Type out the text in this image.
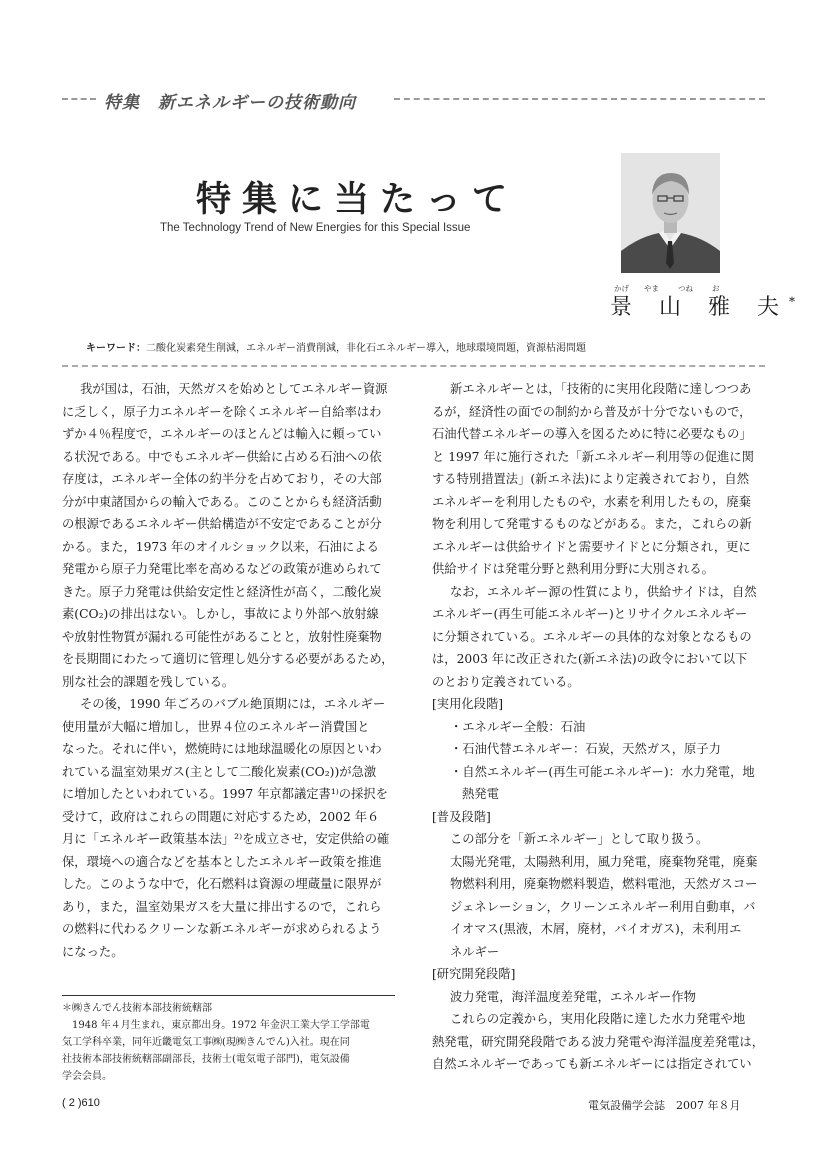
特集　新エネルギーの技術動向
特集に当たって
The Technology Trend of New Energies for this Special Issue
かげ やま	つね	お
景 山 雅 夫*
キーワード：二酸化炭素発生削減，エネルギー消費削減，非化石エネルギー導入，地球環境問題，資源枯渇問題

我が国は，石油，天然ガスを始めとしてエネルギー資源

に乏しく，原子力エネルギーを除くエネルギー自給率はわ

ずか４％程度で，エネルギーのほとんどは輸入に頼ってい

る状況である。中でもエネルギー供給に占める石油への依

存度は，エネルギー全体の約半分を占めており，その大部

分が中東諸国からの輸入である。このことからも経済活動

の根源であるエネルギー供給構造が不安定であることが分

かる。また，1973 年のオイルショック以来，石油による

発電から原子力発電比率を高めるなどの政策が進められて

きた。原子力発電は供給安定性と経済性が高く，二酸化炭

素(CO₂)の排出はない。しかし，事故により外部へ放射線

や放射性物質が漏れる可能性があることと，放射性廃棄物

を長期間にわたって適切に管理し処分する必要があるため，

別な社会的課題を残している。

その後，1990 年ごろのバブル絶頂期には，エネルギー

使用量が大幅に増加し，世界４位のエネルギー消費国と

なった。それに伴い，燃焼時には地球温暖化の原因といわ

れている温室効果ガス(主として二酸化炭素(CO₂))が急激

に増加したといわれている。1997 年京都議定書¹⁾の採択を

受けて，政府はこれらの問題に対応するため，2002 年６

月に「エネルギー政策基本法」²⁾を成立させ，安定供給の確

保，環境への適合などを基本としたエネルギー政策を推進

した。このような中で，化石燃料は資源の埋蔵量に限界が

あり，また，温室効果ガスを大量に排出するので，これら

の燃料に代わるクリーンな新エネルギーが求められるよう

になった。

新エネルギーとは，「技術的に実用化段階に達しつつあ

るが，経済性の面での制約から普及が十分でないもので，

石油代替エネルギーの導入を図るために特に必要なもの」

と 1997 年に施行された「新エネルギー利用等の促進に関

する特別措置法」(新エネ法)により定義されており，自然

エネルギーを利用したものや，水素を利用したもの，廃棄

物を利用して発電するものなどがある。また，これらの新

エネルギーは供給サイドと需要サイドとに分類され，更に

供給サイドは発電分野と熱利用分野に大別される。

なお，エネルギー源の性質により，供給サイドは，自然

エネルギー(再生可能エネルギー)とリサイクルエネルギー

に分類されている。エネルギーの具体的な対象となるもの

は，2003 年に改正された(新エネ法)の政令において以下

のとおり定義されている。

[実用化段階]

・エネルギー全般：石油

・石油代替エネルギー：石炭，天然ガス，原子力

・自然エネルギー(再生可能エネルギー)：水力発電，地

熱発電

[普及段階]

この部分を「新エネルギー」として取り扱う。

太陽光発電，太陽熱利用，風力発電，廃棄物発電，廃棄

物燃料利用，廃棄物燃料製造，燃料電池，天然ガスコー

ジェネレーション，クリーンエネルギー利用自動車，バ

イオマス(黒液，木屑，廃材，バイオガス)，未利用エ

ネルギー

[研究開発段階]

波力発電，海洋温度差発電，エネルギー作物

これらの定義から，実用化段階に達した水力発電や地

熱発電，研究開発段階である波力発電や海洋温度差発電は，

自然エネルギーであっても新エネルギーには指定されてい

＊㈱きんでん技術本部技術統轄部

1948 年４月生まれ，東京都出身。1972 年金沢工業大学工学部電

気工学科卒業，同年近畿電気工事㈱(現㈱きんでん)入社。現在同

社技術本部技術統轄部副部長，技術士(電気電子部門)，電気設備

学会会員。

( 2 )610	電気設備学会誌　2007 年８月
